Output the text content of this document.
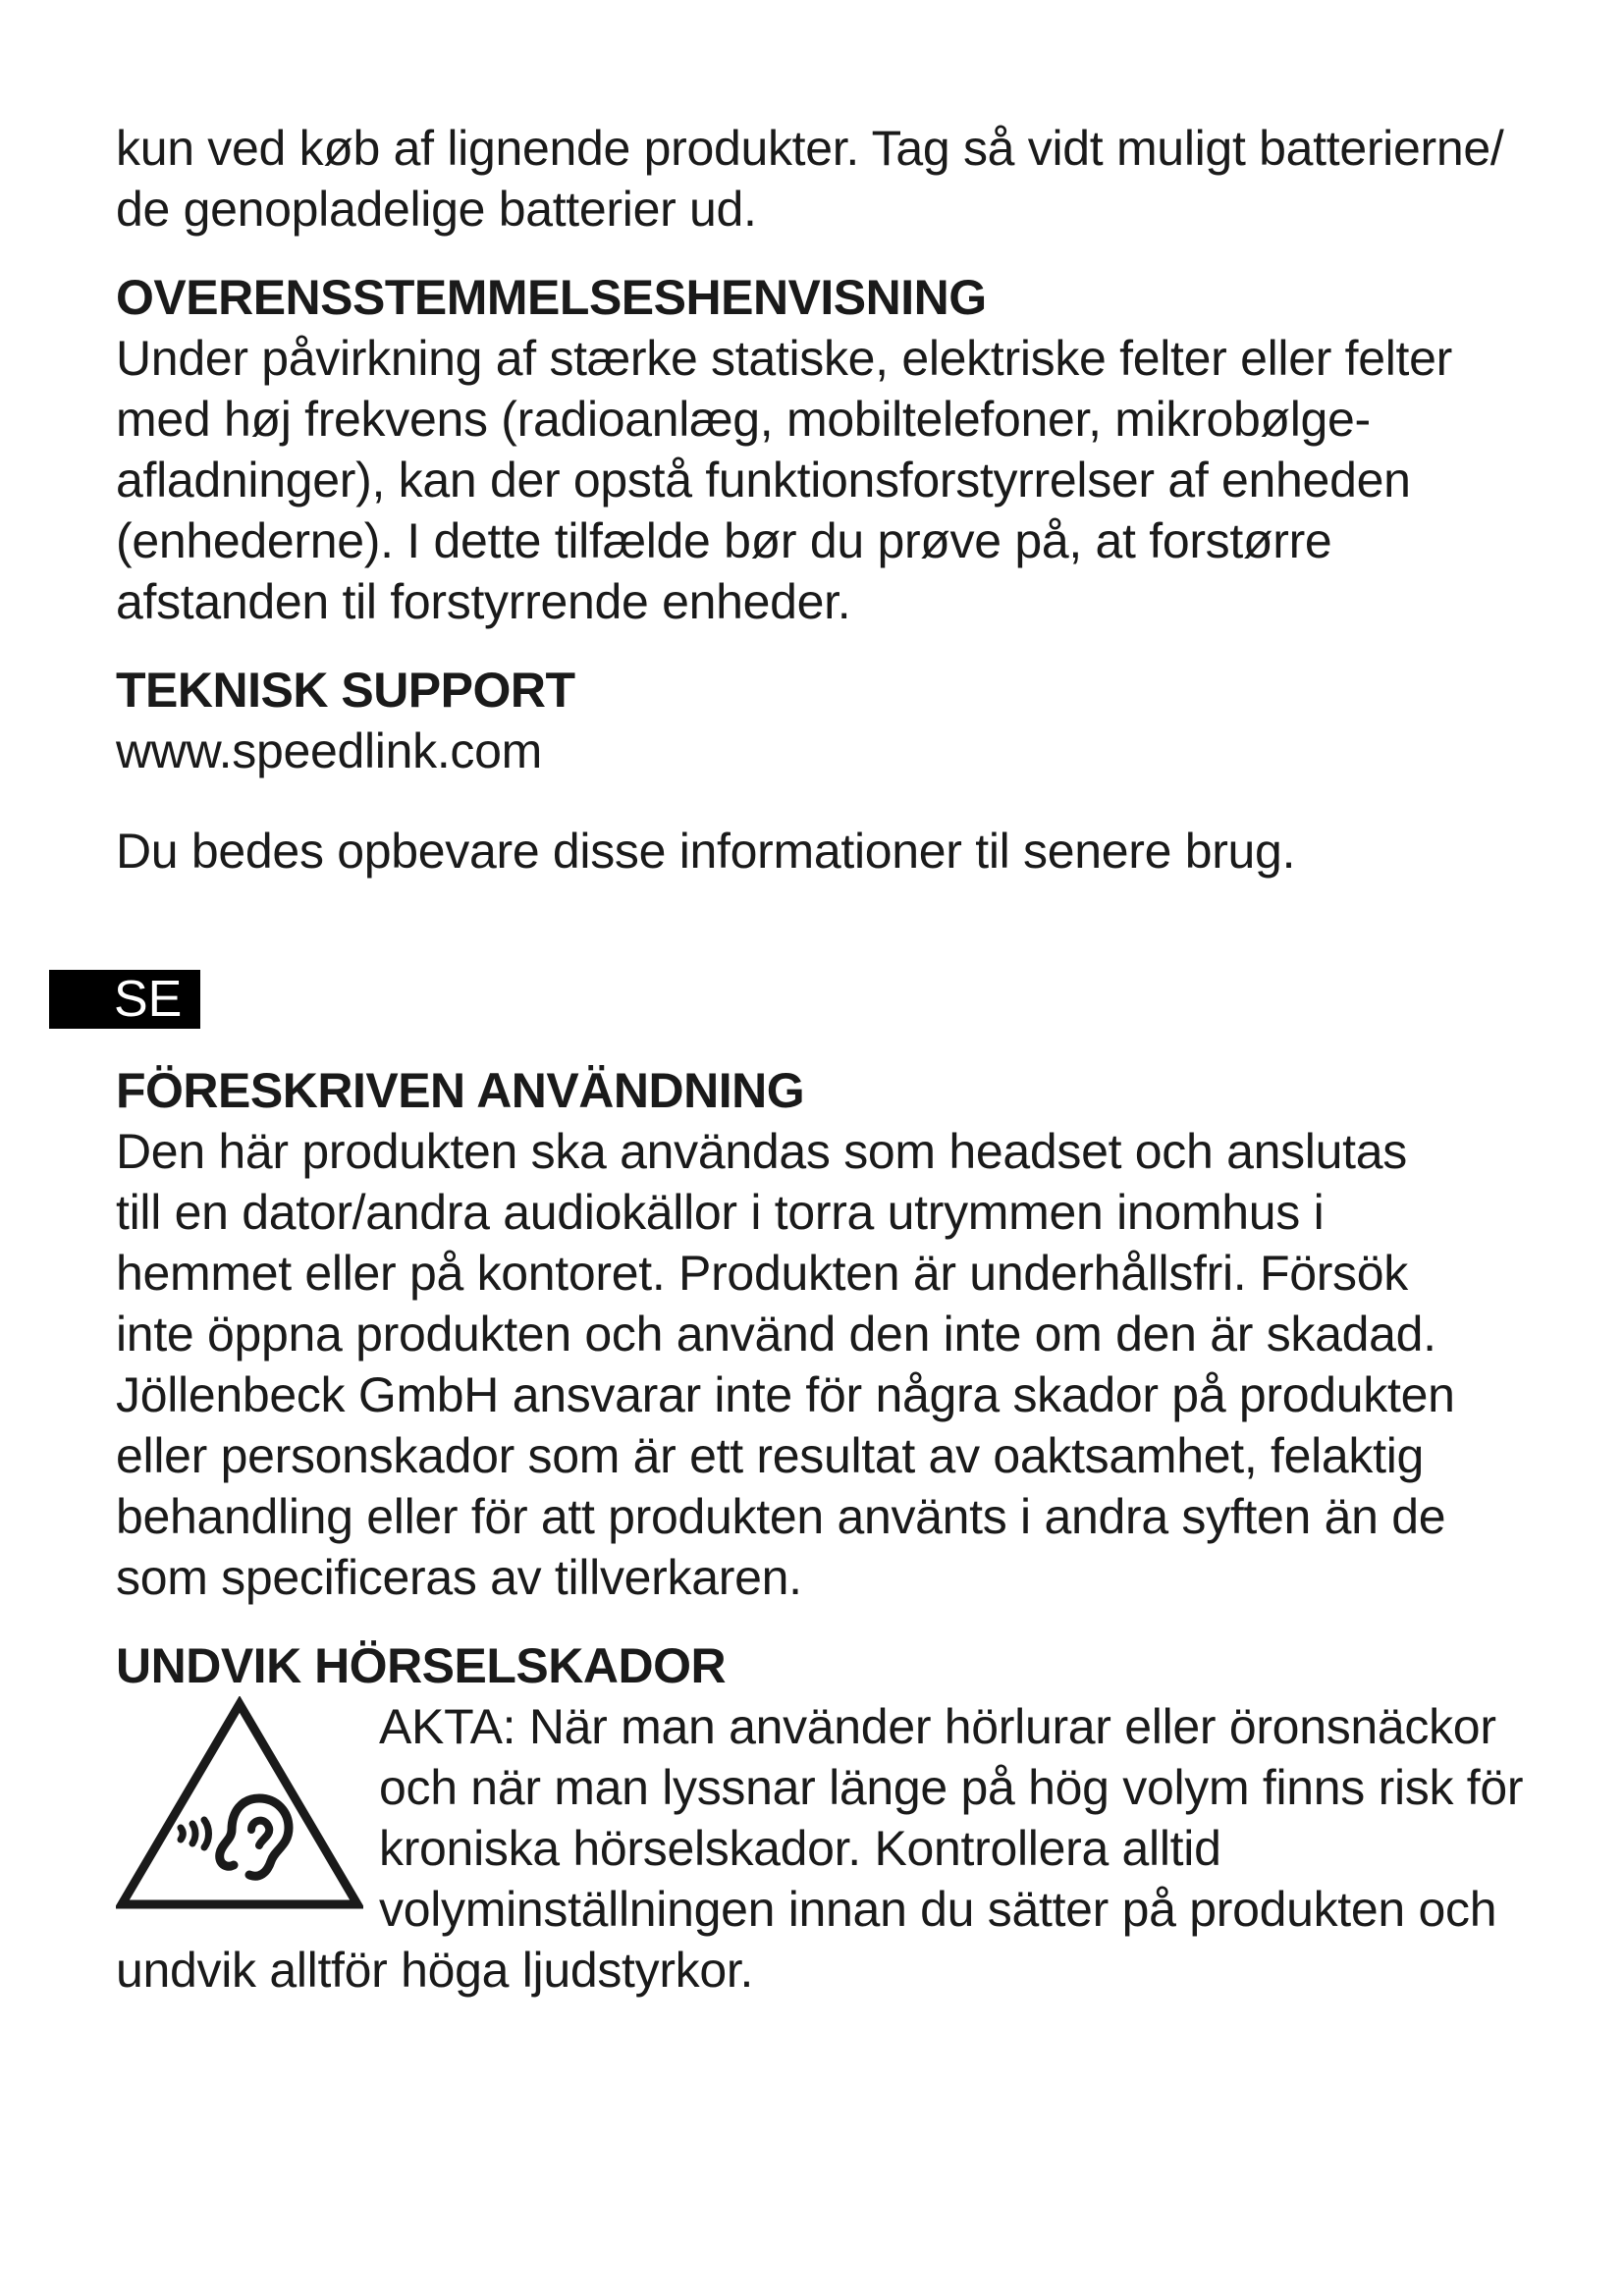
kun ved køb af lignende produkter. Tag så vidt muligt batterierne/

de genopladelige batterier ud.

OVERENSSTEMMELSESHENVISNING

Under påvirkning af stærke statiske, elektriske felter eller felter

med høj frekvens (radioanlæg, mobiltelefoner, mikrobølge-

afladninger), kan der opstå funktionsforstyrrelser af enheden

(enhederne). I dette tilfælde bør du prøve på, at forstørre

afstanden til forstyrrende enheder.

TEKNISK SUPPORT

www.speedlink.com

Du bedes opbevare disse informationer til senere brug.

SE

FÖRESKRIVEN ANVÄNDNING

Den här produkten ska användas som headset och anslutas

till en dator/andra audiokällor i torra utrymmen inomhus i

hemmet eller på kontoret. Produkten är underhållsfri. Försök

inte öppna produkten och använd den inte om den är skadad.

Jöllenbeck GmbH ansvarar inte för några skador på produkten

eller personskador som är ett resultat av oaktsamhet, felaktig

behandling eller för att produkten använts i andra syften än de

som specificeras av tillverkaren.

UNDVIK HÖRSELSKADOR

AKTA: När man använder hörlurar eller öronsnäckor

och när man lyssnar länge på hög volym finns risk för

kroniska hörselskador. Kontrollera alltid

volyminställningen innan du sätter på produkten och

undvik alltför höga ljudstyrkor.
